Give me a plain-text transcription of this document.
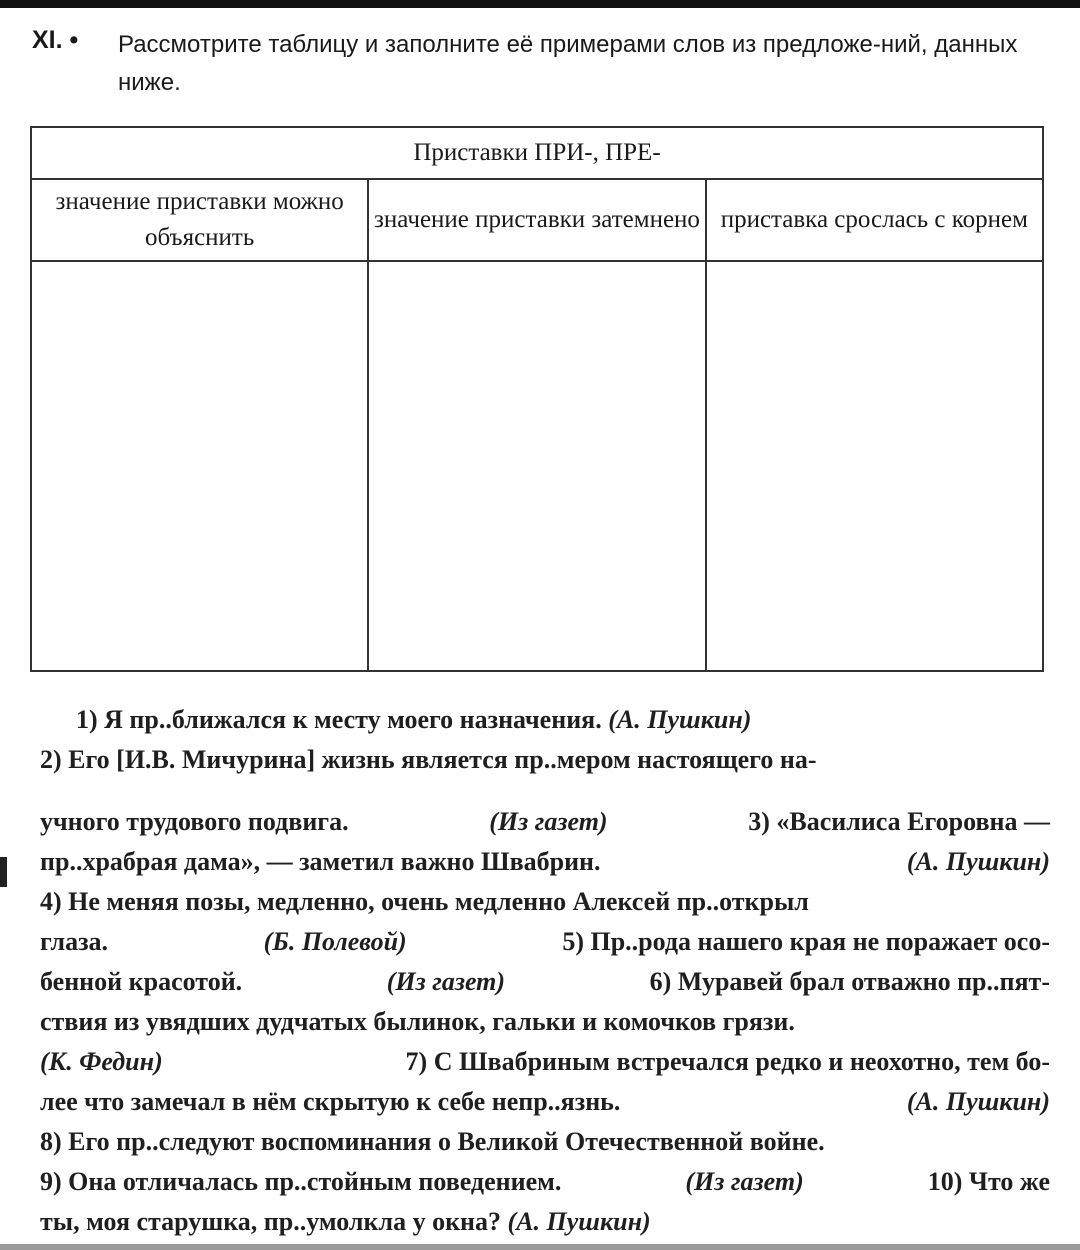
XI. • Рассмотрите таблицу и заполните её примерами слов из предложе-ний, данных ниже.
Приставки ПРИ-, ПРЕ-		
значение приставки можно объяснить	значение приставки затемнено	приставка срослась с корнем

1) Я пр..ближался к месту моего назначения. (А. Пушкин)
2) Его [И.В. Мичурина] жизнь является пр..мером настоящего на-
учного трудового подвига.	(Из газет)	3) «Василиса Егоровна —
пр..храбрая дама», — заметил важно Швабрин.	(А. Пушкин)
4) Не меняя позы, медленно, очень медленно Алексей пр..открыл
глаза.	(Б. Полевой)	5) Пр..рода нашего края не поражает осо-
бенной красотой.	(Из газет)	6) Муравей брал отважно пр..пят-
ствия из увядших дудчатых былинок, гальки и комочков грязи.
(К. Федин)	7) С Швабриным встречался редко и неохотно, тем бо-
лее что замечал в нём скрытую к себе непр..язнь.	(А. Пушкин)
8) Его пр..следуют воспоминания о Великой Отечественной войне.
9) Она отличалась пр..стойным поведением.	(Из газет)	10) Что же
ты, моя старушка, пр..умолкла у окна? (А. Пушкин)
